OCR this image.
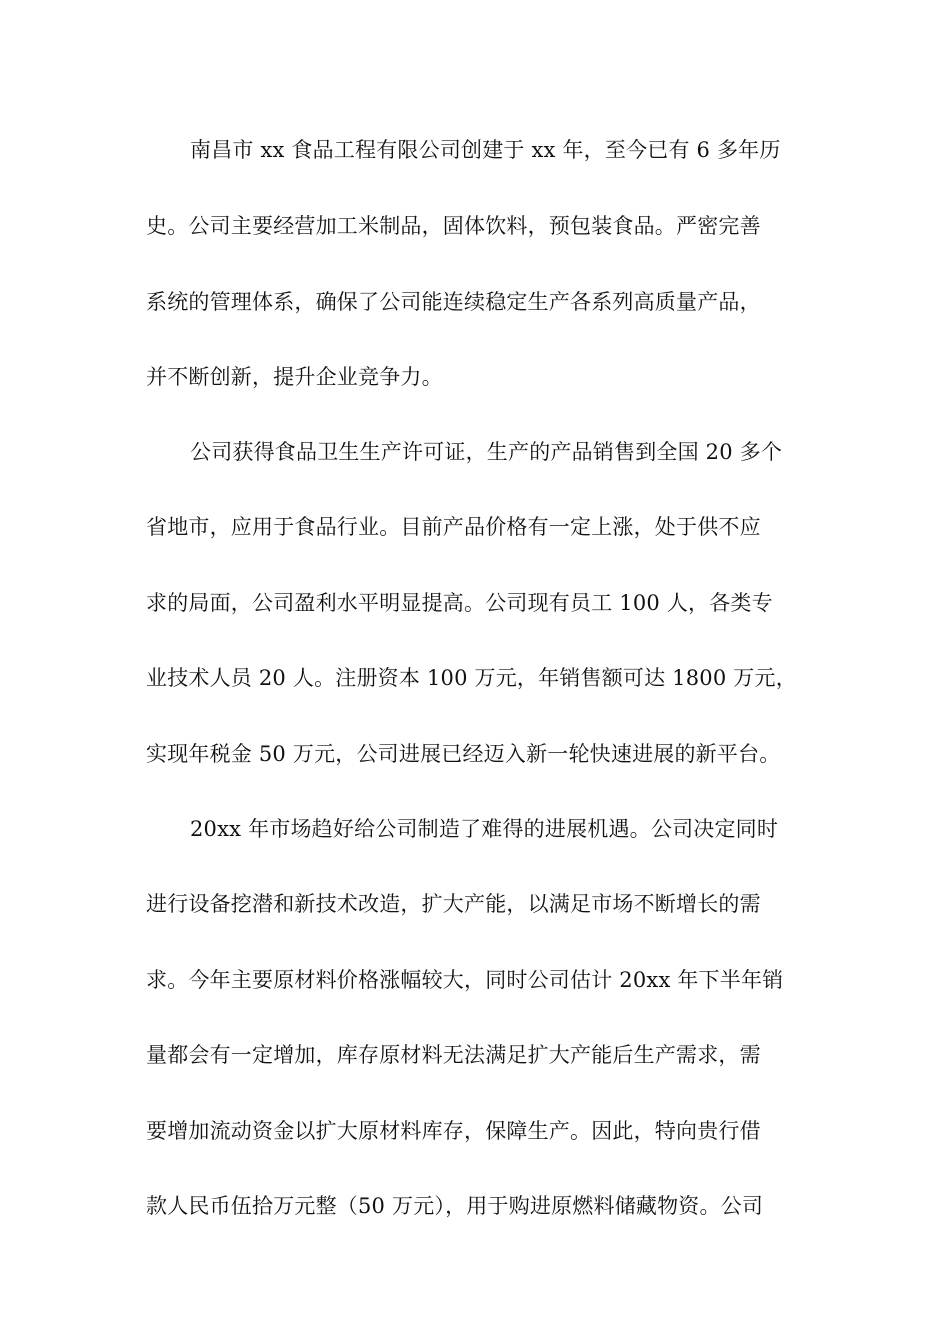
南昌市 xx 食品工程有限公司创建于 xx 年，至今已有 6 多年历
史。公司主要经营加工米制品，固体饮料，预包装食品。严密完善
系统的管理体系，确保了公司能连续稳定生产各系列高质量产品，
并不断创新，提升企业竞争力。
公司获得食品卫生生产许可证，生产的产品销售到全国 20 多个
省地市，应用于食品行业。目前产品价格有一定上涨，处于供不应
求的局面，公司盈利水平明显提高。公司现有员工 100 人，各类专
业技术人员 20 人。注册资本 100 万元，年销售额可达 1800 万元，
实现年税金 50 万元，公司进展已经迈入新一轮快速进展的新平台。
20xx 年市场趋好给公司制造了难得的进展机遇。公司决定同时
进行设备挖潜和新技术改造，扩大产能，以满足市场不断增长的需
求。今年主要原材料价格涨幅较大，同时公司估计 20xx 年下半年销
量都会有一定增加，库存原材料无法满足扩大产能后生产需求，需
要增加流动资金以扩大原材料库存，保障生产。因此，特向贵行借
款人民币伍拾万元整（50 万元），用于购进原燃料储藏物资。公司
